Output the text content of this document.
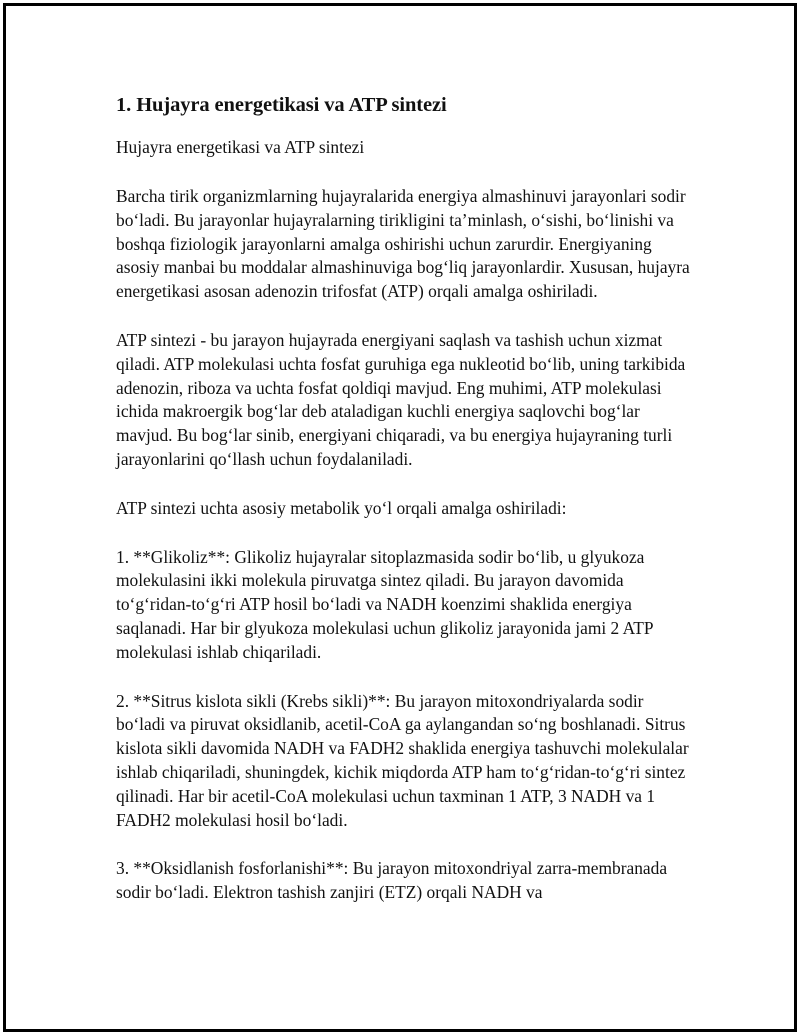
1. Hujayra energetikasi va ATP sintezi

Hujayra energetikasi va ATP sintezi

Barcha tirik organizmlarning hujayralarida energiya almashinuvi jarayonlari sodir bo‘ladi. Bu jarayonlar hujayralarning tirikligini ta’minlash, o‘sishi, bo‘linishi va boshqa fiziologik jarayonlarni amalga oshirishi uchun zarurdir. Energiyaning asosiy manbai bu moddalar almashinuviga bog‘liq jarayonlardir. Xususan, hujayra energetikasi asosan adenozin trifosfat (ATP) orqali amalga oshiriladi.

ATP sintezi - bu jarayon hujayrada energiyani saqlash va tashish uchun xizmat qiladi. ATP molekulasi uchta fosfat guruhiga ega nukleotid bo‘lib, uning tarkibida adenozin, riboza va uchta fosfat qoldiqi mavjud. Eng muhimi, ATP molekulasi ichida makroergik bog‘lar deb ataladigan kuchli energiya saqlovchi bog‘lar mavjud. Bu bog‘lar sinib, energiyani chiqaradi, va bu energiya hujayraning turli jarayonlarini qo‘llash uchun foydalaniladi.

ATP sintezi uchta asosiy metabolik yo‘l orqali amalga oshiriladi:

1. **Glikoliz**: Glikoliz hujayralar sitoplazmasida sodir bo‘lib, u glyukoza molekulasini ikki molekula piruvatga sintez qiladi. Bu jarayon davomida to‘g‘ridan-to‘g‘ri ATP hosil bo‘ladi va NADH koenzimi shaklida energiya saqlanadi. Har bir glyukoza molekulasi uchun glikoliz jarayonida jami 2 ATP molekulasi ishlab chiqariladi.

2. **Sitrus kislota sikli (Krebs sikli)**: Bu jarayon mitoxondriyalarda sodir bo‘ladi va piruvat oksidlanib, acetil-CoA ga aylangandan so‘ng boshlanadi. Sitrus kislota sikli davomida NADH va FADH2 shaklida energiya tashuvchi molekulalar ishlab chiqariladi, shuningdek, kichik miqdorda ATP ham to‘g‘ridan-to‘g‘ri sintez qilinadi. Har bir acetil-CoA molekulasi uchun taxminan 1 ATP, 3 NADH va 1 FADH2 molekulasi hosil bo‘ladi.

3. **Oksidlanish fosforlanishi**: Bu jarayon mitoxondriyal zarra-membranada sodir bo‘ladi. Elektron tashish zanjiri (ETZ) orqali NADH va
